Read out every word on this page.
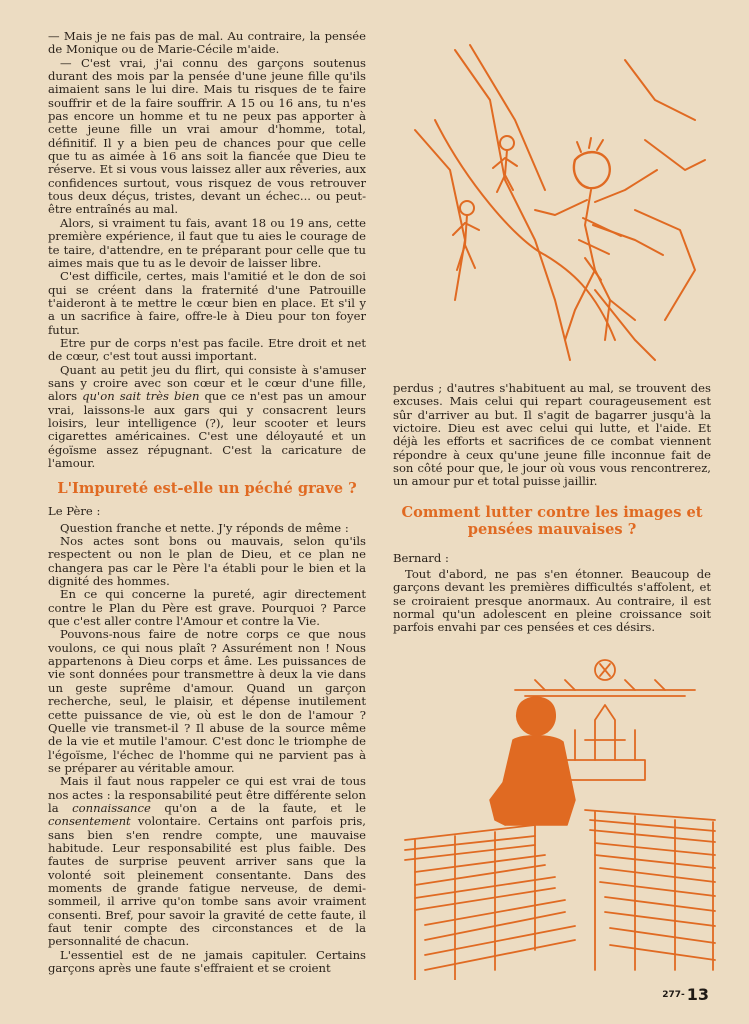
— Mais je ne fais pas de mal. Au contraire, la pensée de Monique ou de Marie-Cécile m'aide.

— C'est vrai, j'ai connu des garçons soutenus durant des mois par la pensée d'une jeune fille qu'ils aimaient sans le lui dire. Mais tu risques de te faire souffrir et de la faire souffrir. A 15 ou 16 ans, tu n'es pas encore un homme et tu ne peux pas apporter à cette jeune fille un vrai amour d'homme, total, définitif. Il y a bien peu de chances pour que celle que tu as aimée à 16 ans soit la fiancée que Dieu te réserve. Et si vous vous laissez aller aux rêveries, aux confidences surtout, vous risquez de vous retrouver tous deux déçus, tristes, devant un échec... ou peut-être entraînés au mal.

Alors, si vraiment tu fais, avant 18 ou 19 ans, cette première expérience, il faut que tu aies le courage de te taire, d'attendre, en te préparant pour celle que tu aimes mais que tu as le devoir de laisser libre.

C'est difficile, certes, mais l'amitié et le don de soi qui se créent dans la fraternité d'une Patrouille t'aideront à te mettre le cœur bien en place. Et s'il y a un sacrifice à faire, offre-le à Dieu pour ton foyer futur.

Etre pur de corps n'est pas facile. Etre droit et net de cœur, c'est tout aussi important.

Quant au petit jeu du flirt, qui consiste à s'amuser sans y croire avec son cœur et le cœur d'une fille, alors qu'on sait très bien que ce n'est pas un amour vrai, laissons-le aux gars qui y consacrent leurs loisirs, leur intelligence (?), leur scooter et leurs cigarettes américaines. C'est une déloyauté et un égoïsme assez répugnant. C'est la caricature de l'amour.

L'Impureté est-elle un péché grave ?

Le Père :

Question franche et nette. J'y réponds de même :

Nos actes sont bons ou mauvais, selon qu'ils respectent ou non le plan de Dieu, et ce plan ne changera pas car le Père l'a établi pour le bien et la dignité des hommes.

En ce qui concerne la pureté, agir directement contre le Plan du Père est grave. Pourquoi ? Parce que c'est aller contre l'Amour et contre la Vie.

Pouvons-nous faire de notre corps ce que nous voulons, ce qui nous plaît ? Assurément non ! Nous appartenons à Dieu corps et âme. Les puissances de vie sont données pour transmettre à deux la vie dans un geste suprême d'amour. Quand un garçon recherche, seul, le plaisir, et dépense inutilement cette puissance de vie, où est le don de l'amour ? Quelle vie transmet-il ? Il abuse de la source même de la vie et mutile l'amour. C'est donc le triomphe de l'égoïsme, l'échec de l'homme qui ne parvient pas à se préparer au véritable amour.

Mais il faut nous rappeler ce qui est vrai de tous nos actes : la responsabilité peut être différente selon la connaissance qu'on a de la faute, et le consentement volontaire. Certains ont parfois pris, sans bien s'en rendre compte, une mauvaise habitude. Leur responsabilité est plus faible. Des fautes de surprise peuvent arriver sans que la volonté soit pleinement consentante. Dans des moments de grande fatigue nerveuse, de demi-sommeil, il arrive qu'on tombe sans avoir vraiment consenti. Bref, pour savoir la gravité de cette faute, il faut tenir compte des circonstances et de la personnalité de chacun.

L'essentiel est de ne jamais capituler. Certains garçons après une faute s'effraient et se croient

perdus ; d'autres s'habituent au mal, se trouvent des excuses. Mais celui qui repart courageusement est sûr d'arriver au but. Il s'agit de bagarrer jusqu'à la victoire. Dieu est avec celui qui lutte, et l'aide. Et déjà les efforts et sacrifices de ce combat viennent répondre à ceux qu'une jeune fille inconnue fait de son côté pour que, le jour où vous vous rencontrerez, un amour pur et total puisse jaillir.

Comment lutter contre les images et pensées mauvaises ?

Bernard :

Tout d'abord, ne pas s'en étonner. Beaucoup de garçons devant les premières difficultés s'affolent, et se croiraient presque anormaux. Au contraire, il est normal qu'un adolescent en pleine croissance soit parfois envahi par ces pensées et ces désirs.

277- 13
